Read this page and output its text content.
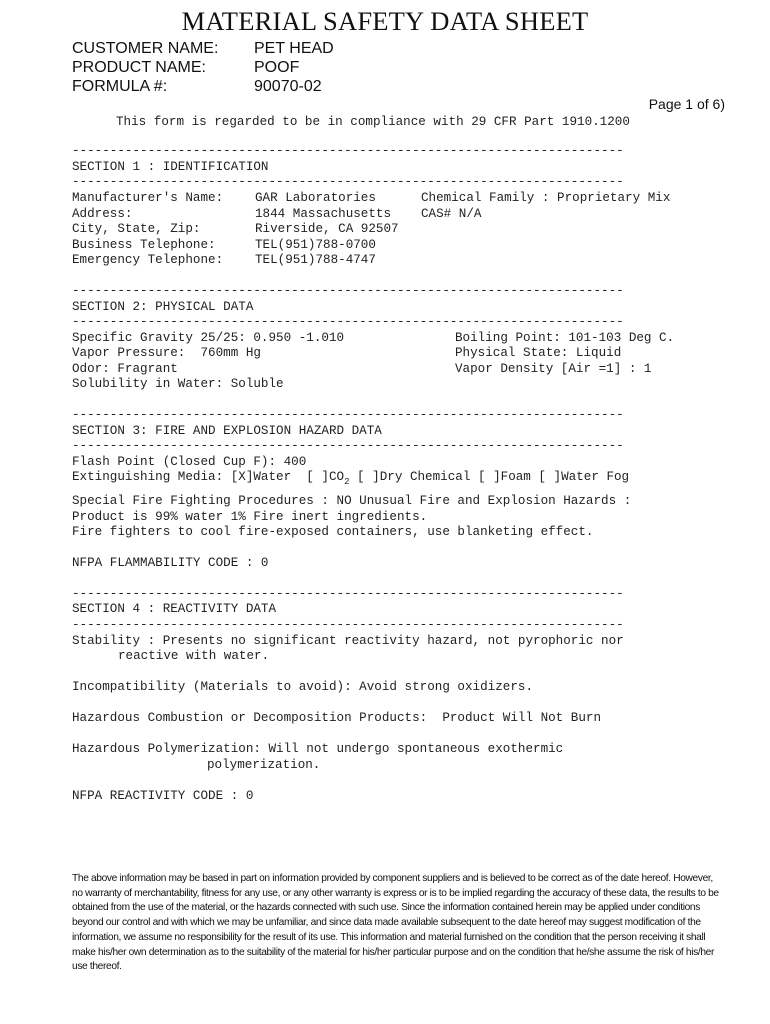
MATERIAL SAFETY DATA SHEET
CUSTOMER NAME: PET HEAD
PRODUCT NAME:	POOF
FORMULA #:	90070-02
Page 1 of 6)
This form is regarded to be in compliance with 29 CFR Part 1910.1200
-------------------------------------------------------------------------
SECTION 1 : IDENTIFICATION
-------------------------------------------------------------------------
Manufacturer's Name:	GAR Laboratories	Chemical Family : Proprietary Mix
Address:	1844 Massachusetts CAS# N/A
City, State, Zip:	Riverside, CA 92507
Business Telephone:	TEL(951)788-0700
Emergency Telephone:	TEL(951)788-4747
-------------------------------------------------------------------------
SECTION 2: PHYSICAL DATA
-------------------------------------------------------------------------
Specific Gravity 25/25: 0.950 -1.010	Boiling Point: 101-103 Deg C.
Vapor Pressure:  760mm Hg	Physical State: Liquid
Odor: Fragrant	Vapor Density [Air =1] : 1
Solubility in Water: Soluble
-------------------------------------------------------------------------
SECTION 3: FIRE AND EXPLOSION HAZARD DATA
-------------------------------------------------------------------------
Flash Point (Closed Cup F): 400
Extinguishing Media: [X]Water  [ ]$CO_2$ [ ]Dry Chemical [ ]Foam [ ]Water Fog
Special Fire Fighting Procedures : NO Unusual Fire and Explosion Hazards :
Product is 99% water 1% Fire inert ingredients.
Fire fighters to cool fire-exposed containers, use blanketing effect.
NFPA FLAMMABILITY CODE : 0
-------------------------------------------------------------------------
SECTION 4 : REACTIVITY DATA
-------------------------------------------------------------------------
Stability : Presents no significant reactivity hazard, not pyrophoric nor
reactive with water.
Incompatibility (Materials to avoid): Avoid strong oxidizers.
Hazardous Combustion or Decomposition Products:  Product Will Not Burn
Hazardous Polymerization: Will not undergo spontaneous exothermic
polymerization.
NFPA REACTIVITY CODE : 0
The above information may be based in part on information provided by component suppliers and is believed to be correct as of the date hereof. However, no warranty of merchantability, fitness for any use, or any other warranty is express or is to be implied regarding the accuracy of these data, the results to be obtained from the use of the material, or the hazards connected with such use. Since the information contained herein may be applied under conditions beyond our control and with which we may be unfamiliar, and since data made available subsequent to the date hereof may suggest modification of the information, we assume no responsibility for the result of its use. This information and material furnished on the condition that the person receiving it shall make his/her own determination as to the suitability of the material for his/her particular purpose and on the condition that he/she assume the risk of his/her use thereof.
